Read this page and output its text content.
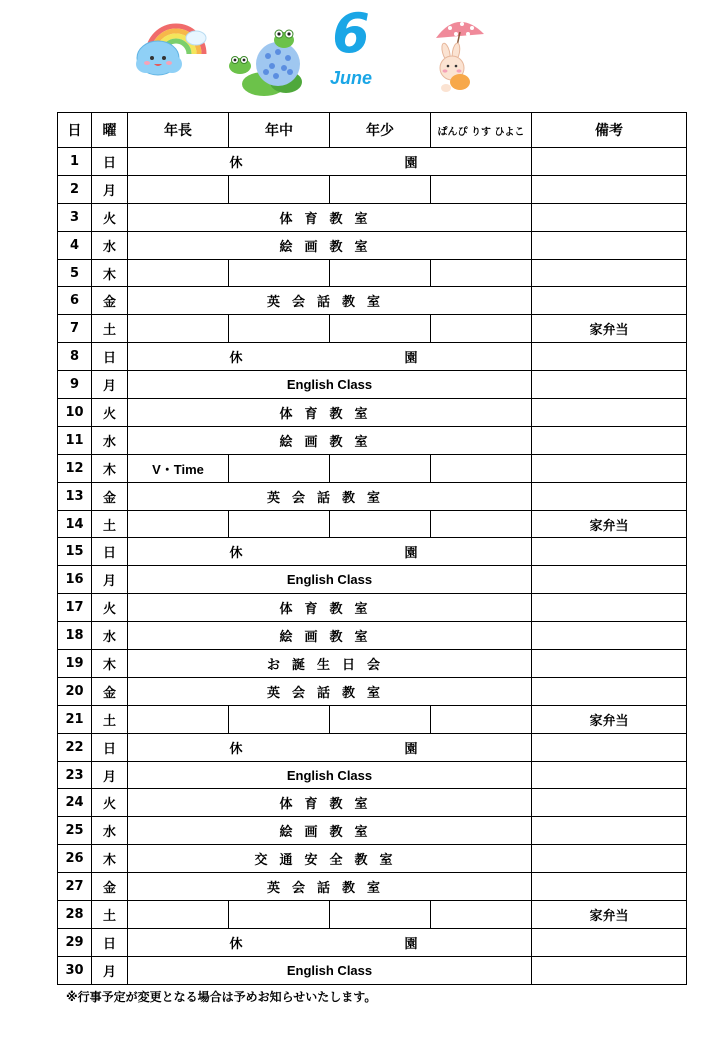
6
June
日	曜	年長	年中	年少	ぱんぴ りす ひよこ	備考
1	日	休　　　　　　園				
2	月					
3	火	体育教室				
4	水	絵画教室				
5	木					
6	金	英会話教室				
7	土					家弁当
8	日	休　　　　　　園				
9	月	English Class				
10	火	体育教室				
11	水	絵画教室				
12	木	V・Time				
13	金	英会話教室				
14	土					家弁当
15	日	休　　　　　　園				
16	月	English Class				
17	火	体育教室				
18	水	絵画教室				
19	木	お誕生日会				
20	金	英会話教室				
21	土					家弁当
22	日	休　　　　　　園				
23	月	English Class				
24	火	体育教室				
25	水	絵画教室				
26	木	交通安全教室				
27	金	英会話教室				
28	土					家弁当
29	日	休　　　　　　園				
30	月	English Class				
※行事予定が変更となる場合は予めお知らせいたします。
